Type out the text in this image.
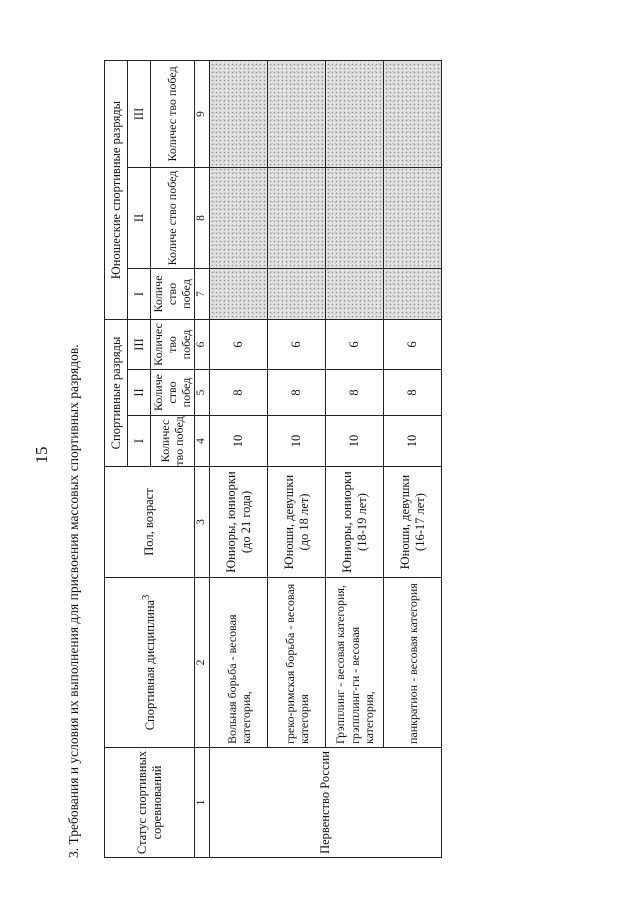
15 3. Требования и условия их выполнения для присвоения массовых спортивных разрядов.	Статус спортивных соревнований	Спортивная дисциплина$^3$	Пол, возраст	Спортивные разряды			Юношеские спортивные разряды		
			I	II	III	I	II	III
			Количес тво побед	Количе ство побед	Количес тво побед	Количе ство побед	Количе ство побед	Количес тво побед
1	2	3	4	5	6	7	8	9
Первенство России	Вольная борьба - весовая категория,	Юниоры, юниорки (до 21 года)	10	8	6			
	греко-римская борьба - весовая категория	Юноши, девушки (до 18 лет)	10	8	6			
	Грэпплинг - весовая категория, грэпплинг-ги - весовая категория,	Юниоры, юниорки (18-19 лет)	10	8	6			
	панкратион - весовая категория	Юноши, девушки (16-17 лет)	10	8	6			
